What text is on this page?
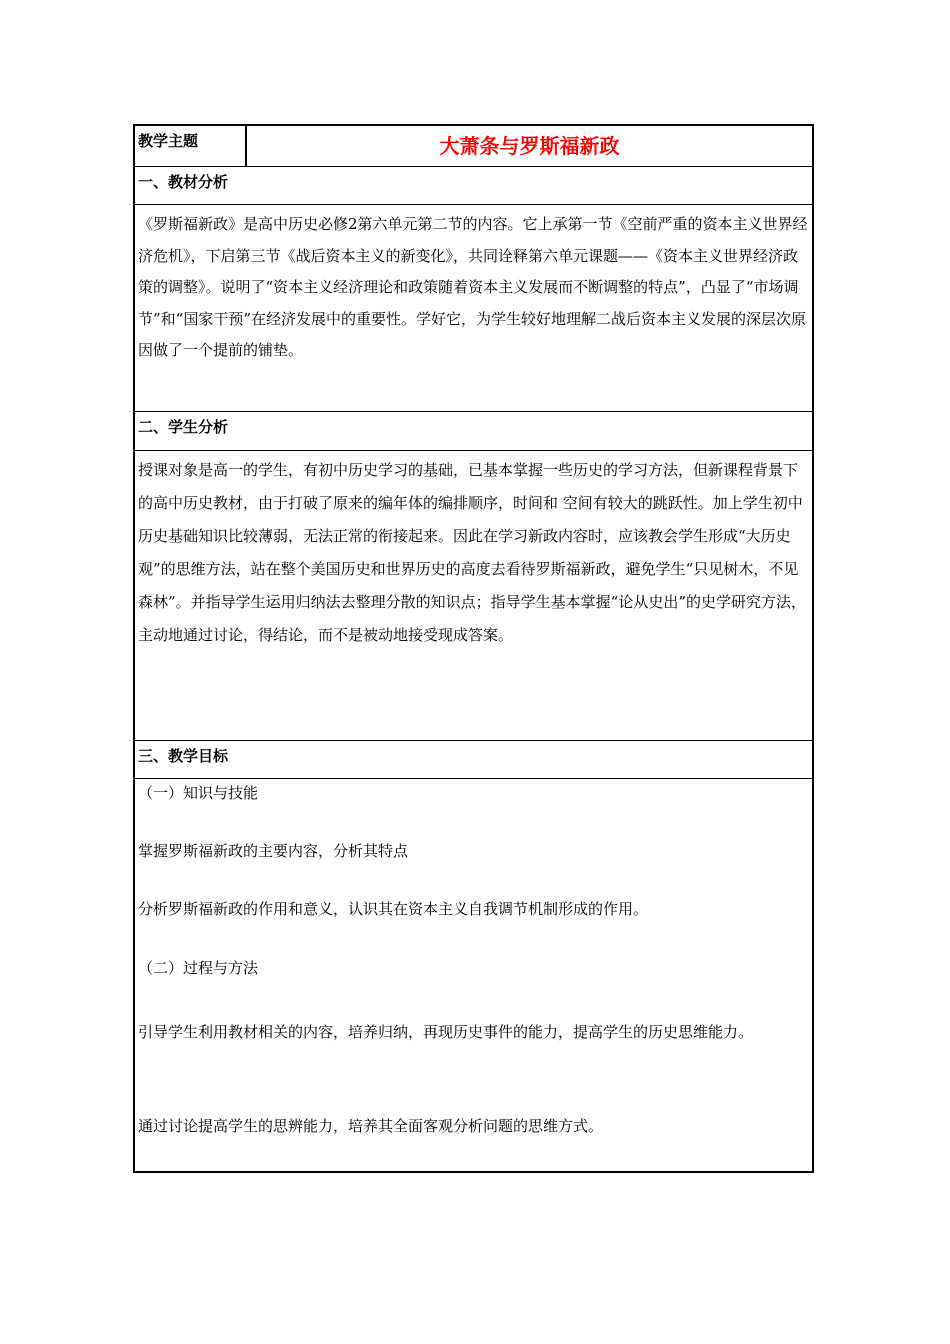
教学主题	大萧条与罗斯福新政
一、教材分析
《罗斯福新政》是高中历史必修2第六单元第二节的内容。它上承第一节《空前严重的资本主义世界经济危机》，下启第三节《战后资本主义的新变化》，共同诠释第六单元课题——《资本主义世界经济政策的调整》。说明了“资本主义经济理论和政策随着资本主义发展而不断调整的特点”，凸显了“市场调节”和“国家干预”在经济发展中的重要性。学好它，为学生较好地理解二战后资本主义发展的深层次原因做了一个提前的铺垫。
二、学生分析
授课对象是高一的学生，有初中历史学习的基础，已基本掌握一些历史的学习方法，但新课程背景下的高中历史教材，由于打破了原来的编年体的编排顺序，时间和 空间有较大的跳跃性。加上学生初中历史基础知识比较薄弱，无法正常的衔接起来。因此在学习新政内容时，应该教会学生形成“大历史观”的思维方法，站在整个美国历史和世界历史的高度去看待罗斯福新政，避免学生“只见树木，不见森林”。并指导学生运用归纳法去整理分散的知识点；指导学生基本掌握“论从史出”的史学研究方法，主动地通过讨论，得结论，而不是被动地接受现成答案。
三、教学目标
（一）知识与技能
掌握罗斯福新政的主要内容，分析其特点
分析罗斯福新政的作用和意义，认识其在资本主义自我调节机制形成的作用。
（二）过程与方法
引导学生利用教材相关的内容，培养归纳，再现历史事件的能力，提高学生的历史思维能力。
通过讨论提高学生的思辨能力，培养其全面客观分析问题的思维方式。
